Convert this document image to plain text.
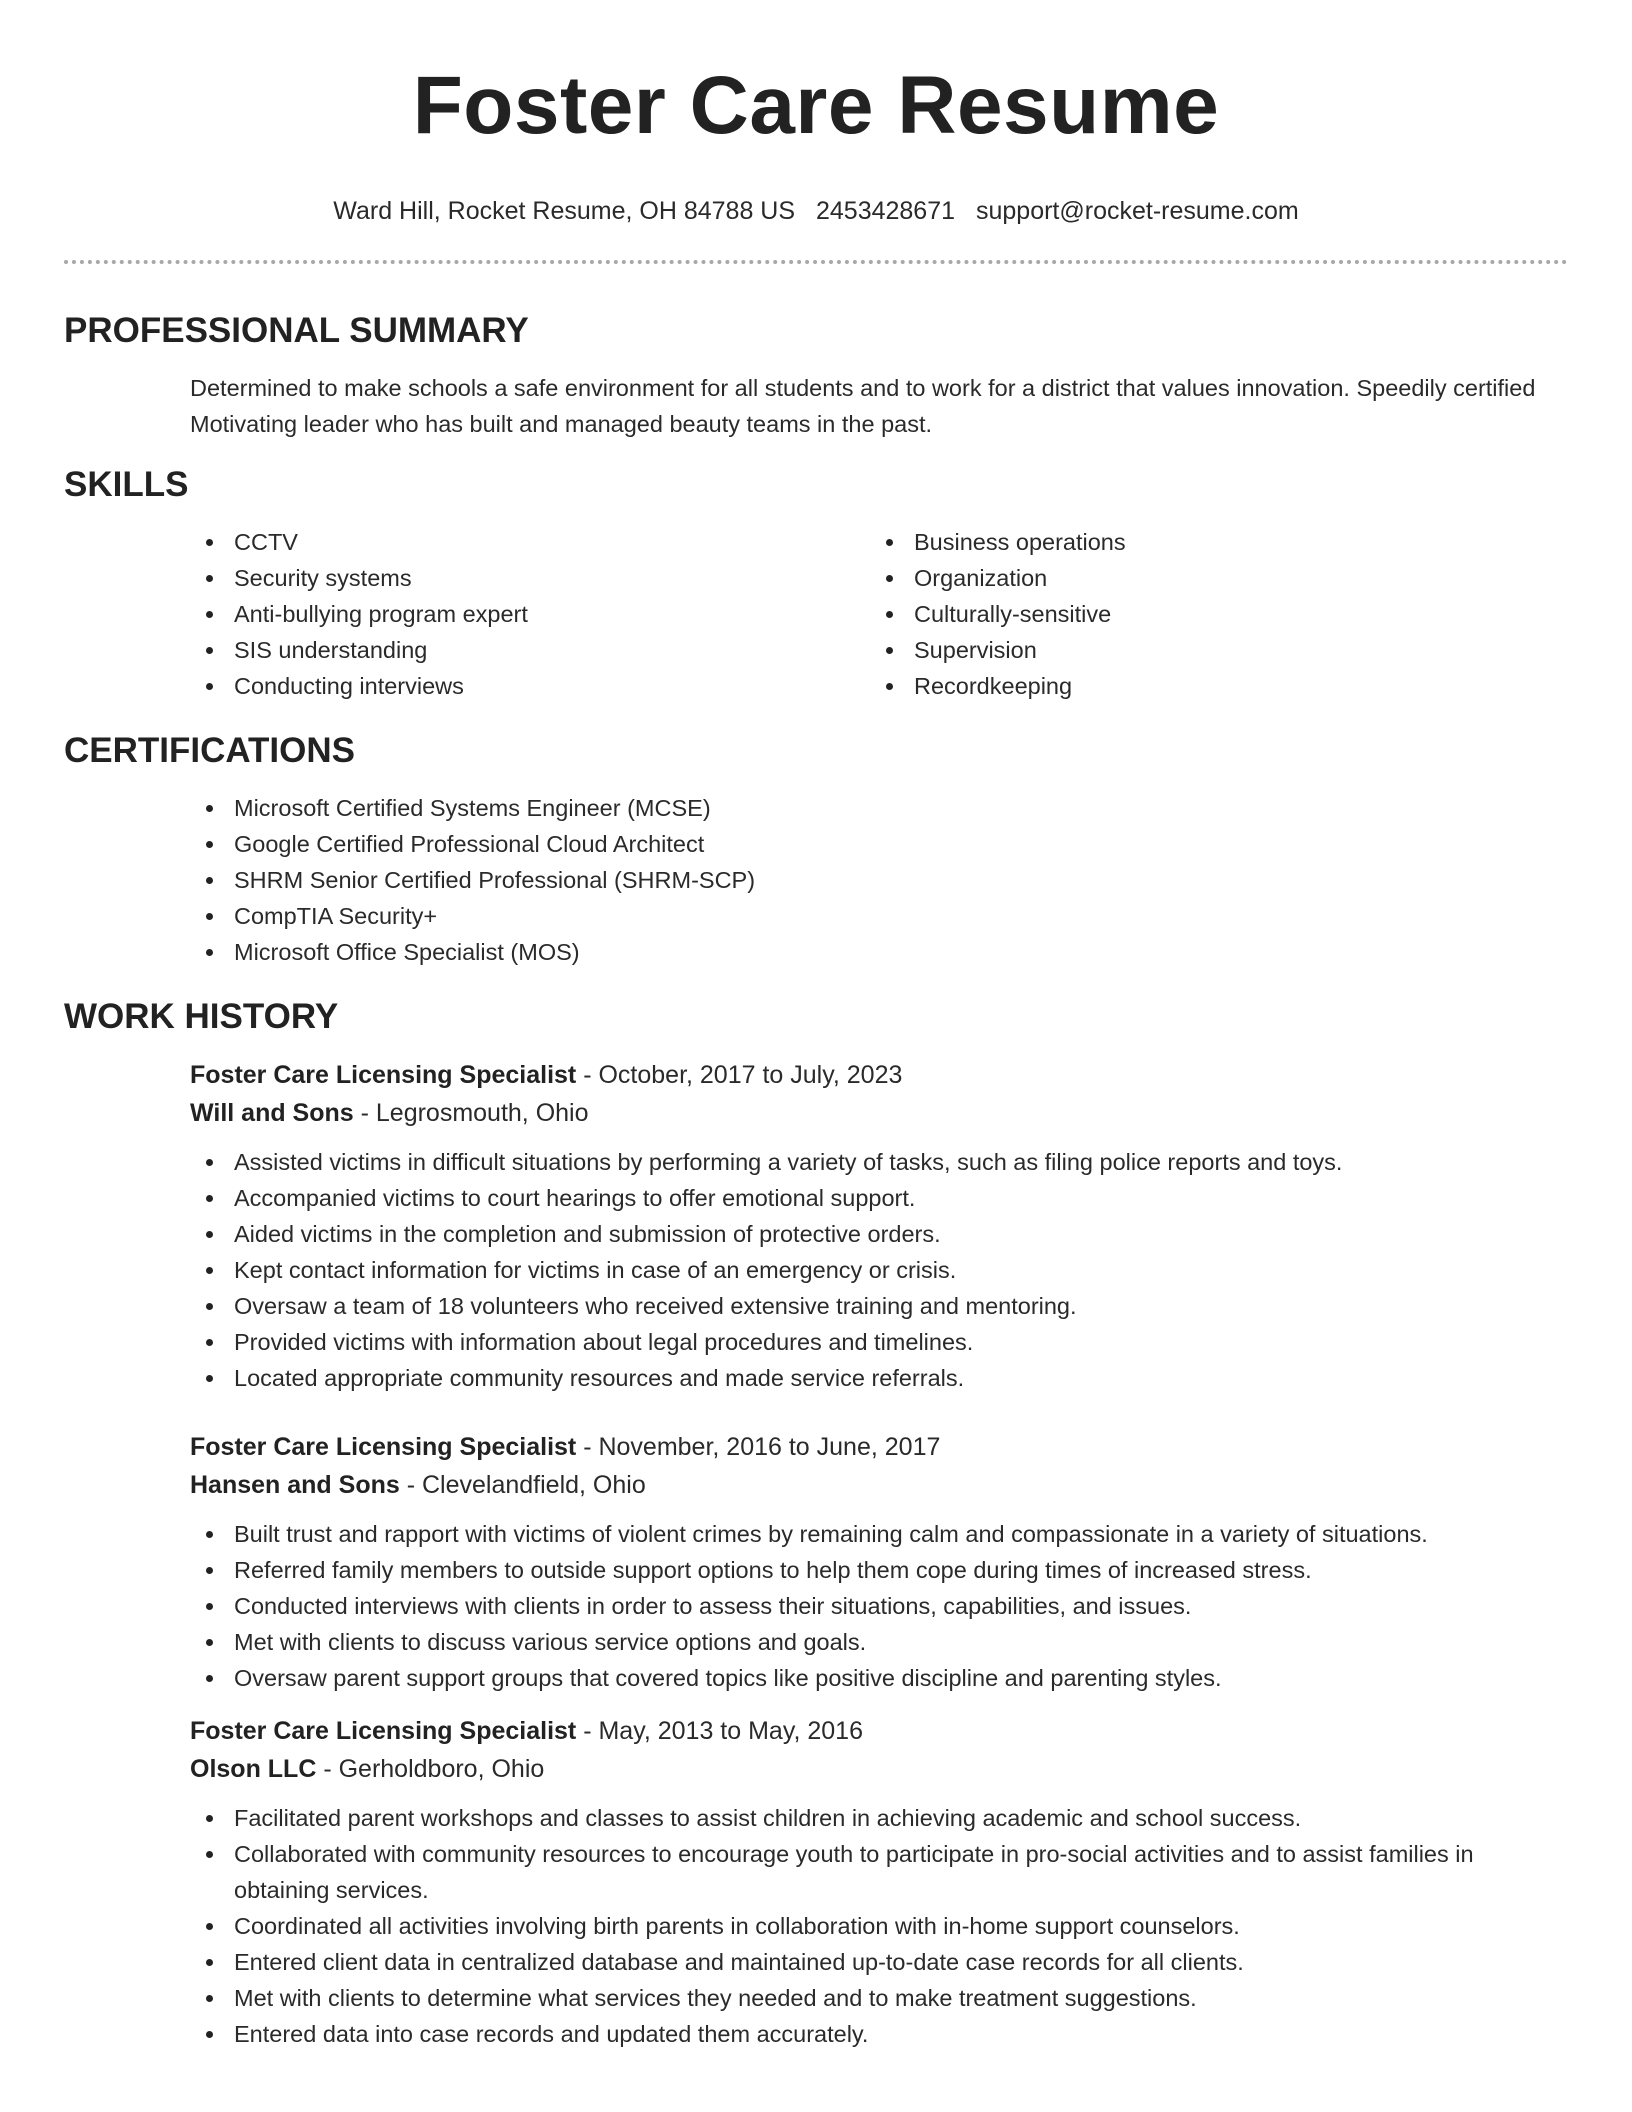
Foster Care Resume
Ward Hill, Rocket Resume, OH 84788 US 2453428671 support@rocket-resume.com
PROFESSIONAL SUMMARY
Determined to make schools a safe environment for all students and to work for a district that values innovation. Speedily certified Motivating leader who has built and managed beauty teams in the past.
SKILLS
CCTV
Security systems
Anti-bullying program expert
SIS understanding
Conducting interviews
Business operations
Organization
Culturally-sensitive
Supervision
Recordkeeping
CERTIFICATIONS
Microsoft Certified Systems Engineer (MCSE)
Google Certified Professional Cloud Architect
SHRM Senior Certified Professional (SHRM-SCP)
CompTIA Security+
Microsoft Office Specialist (MOS)
WORK HISTORY
Foster Care Licensing Specialist - October, 2017 to July, 2023
Will and Sons - Legrosmouth, Ohio
Assisted victims in difficult situations by performing a variety of tasks, such as filing police reports and toys.
Accompanied victims to court hearings to offer emotional support.
Aided victims in the completion and submission of protective orders.
Kept contact information for victims in case of an emergency or crisis.
Oversaw a team of 18 volunteers who received extensive training and mentoring.
Provided victims with information about legal procedures and timelines.
Located appropriate community resources and made service referrals.
Foster Care Licensing Specialist - November, 2016 to June, 2017
Hansen and Sons - Clevelandfield, Ohio
Built trust and rapport with victims of violent crimes by remaining calm and compassionate in a variety of situations.
Referred family members to outside support options to help them cope during times of increased stress.
Conducted interviews with clients in order to assess their situations, capabilities, and issues.
Met with clients to discuss various service options and goals.
Oversaw parent support groups that covered topics like positive discipline and parenting styles.
Foster Care Licensing Specialist - May, 2013 to May, 2016
Olson LLC - Gerholdboro, Ohio
Facilitated parent workshops and classes to assist children in achieving academic and school success.
Collaborated with community resources to encourage youth to participate in pro-social activities and to assist families in obtaining services.
Coordinated all activities involving birth parents in collaboration with in-home support counselors.
Entered client data in centralized database and maintained up-to-date case records for all clients.
Met with clients to determine what services they needed and to make treatment suggestions.
Entered data into case records and updated them accurately.
